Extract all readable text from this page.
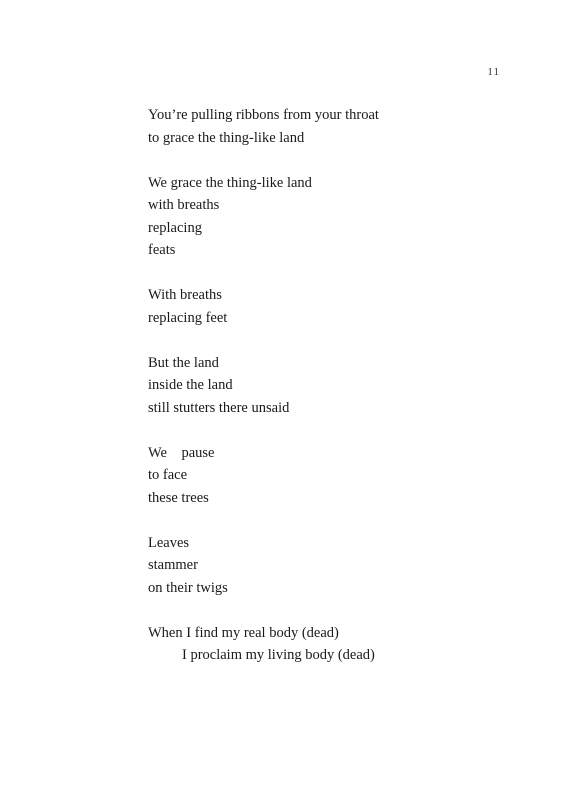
11
You’re pulling ribbons from your throat
to grace the thing-like land
We grace the thing-like land
with breaths
replacing
feats
With breaths
replacing feet
But the land
inside the land
still stutters there unsaid
We    pause
to face
these trees
Leaves
stammer
on their twigs
When I find my real body (dead)
I proclaim my living body (dead)
